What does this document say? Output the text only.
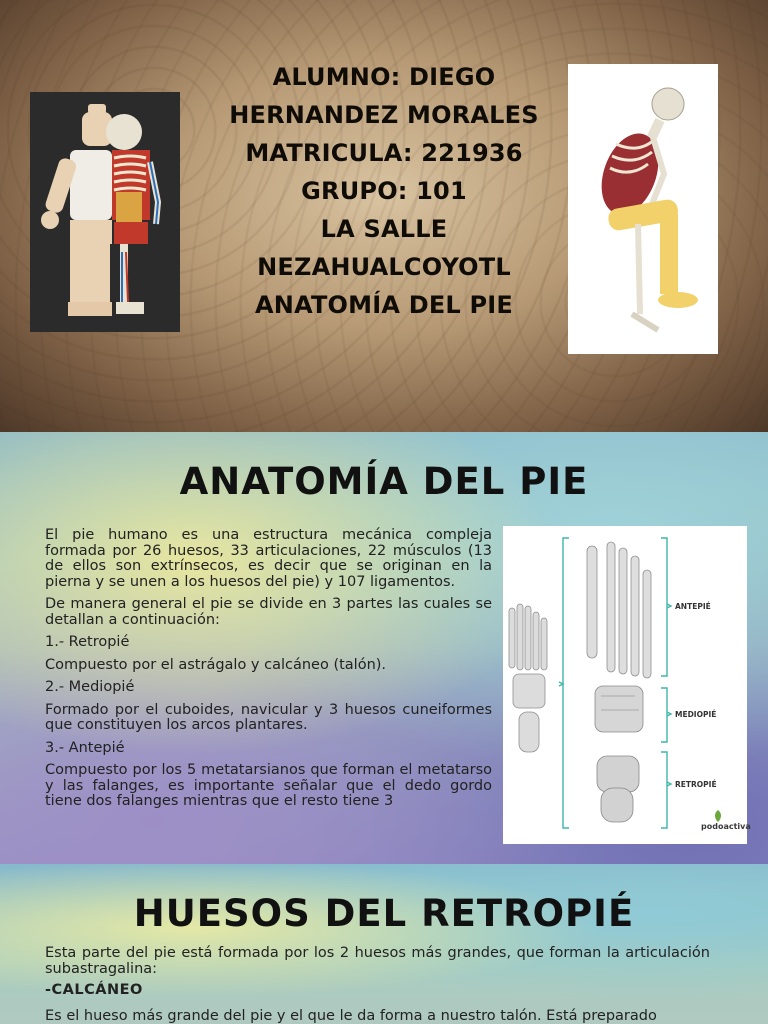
ALUMNO: DIEGO
HERNANDEZ MORALES
MATRICULA: 221936
GRUPO: 101
LA SALLE
NEZAHUALCOYOTL
ANATOMÍA DEL PIE
ANATOMÍA DEL PIE

El pie humano es una estructura mecánica compleja formada por 26 huesos, 33 articulaciones, 22 músculos (13 de ellos son extrínsecos, es decir que se originan en la pierna y se unen a los huesos del pie) y 107 ligamentos.

De manera general el pie se divide en 3 partes las cuales se detallan a continuación:

1.- Retropié

Compuesto por el astrágalo y calcáneo (talón).

2.- Mediopié

Formado por el cuboides, navicular y 3 huesos cuneiformes que constituyen los arcos plantares.

3.- Antepié

Compuesto por los 5 metatarsianos que forman el metatarso y las falanges, es importante señalar que el dedo gordo tiene dos falanges mientras que el resto tiene 3

ANTEPIÉ
MEDIOPIÉ
RETROPIÉ
podoactiva
HUESOS DEL RETROPIÉ

Esta parte del pie está formada por los 2 huesos más grandes, que forman la articulación subastragalina:

-CALCÁNEO

Es el hueso más grande del pie y el que le da forma a nuestro talón. Está preparado
